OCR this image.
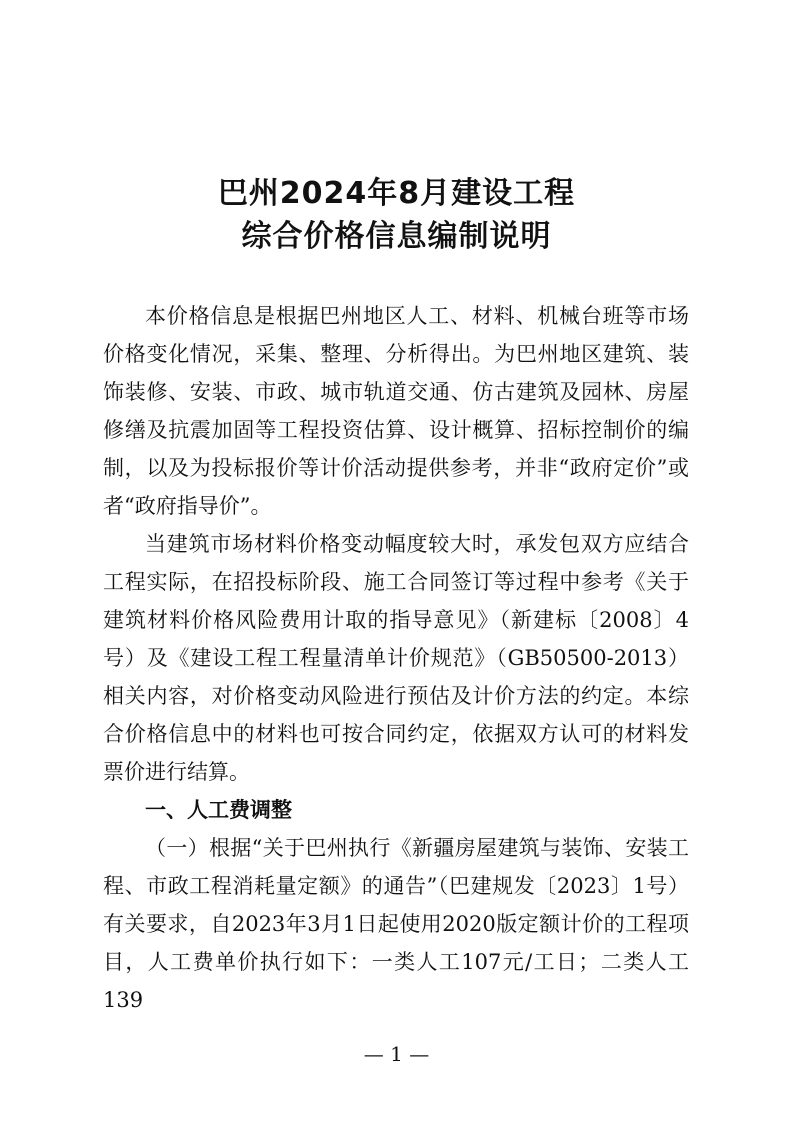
巴州2024年8月建设工程
综合价格信息编制说明

本价格信息是根据巴州地区人工、材料、机械台班等市场价格变化情况，采集、整理、分析得出。为巴州地区建筑、装饰装修、安装、市政、城市轨道交通、仿古建筑及园林、房屋修缮及抗震加固等工程投资估算、设计概算、招标控制价的编制，以及为投标报价等计价活动提供参考，并非“政府定价”或者“政府指导价”。

当建筑市场材料价格变动幅度较大时，承发包双方应结合工程实际，在招投标阶段、施工合同签订等过程中参考《关于建筑材料价格风险费用计取的指导意见》（新建标〔2008〕4号）及《建设工程工程量清单计价规范》（GB50500-2013）相关内容，对价格变动风险进行预估及计价方法的约定。本综合价格信息中的材料也可按合同约定，依据双方认可的材料发票价进行结算。

一、人工费调整

（一）根据“关于巴州执行《新疆房屋建筑与装饰、安装工程、市政工程消耗量定额》的通告”（巴建规发〔2023〕1号）有关要求，自2023年3月1日起使用2020版定额计价的工程项目，人工费单价执行如下：一类人工107元/工日；二类人工139

— 1 —
